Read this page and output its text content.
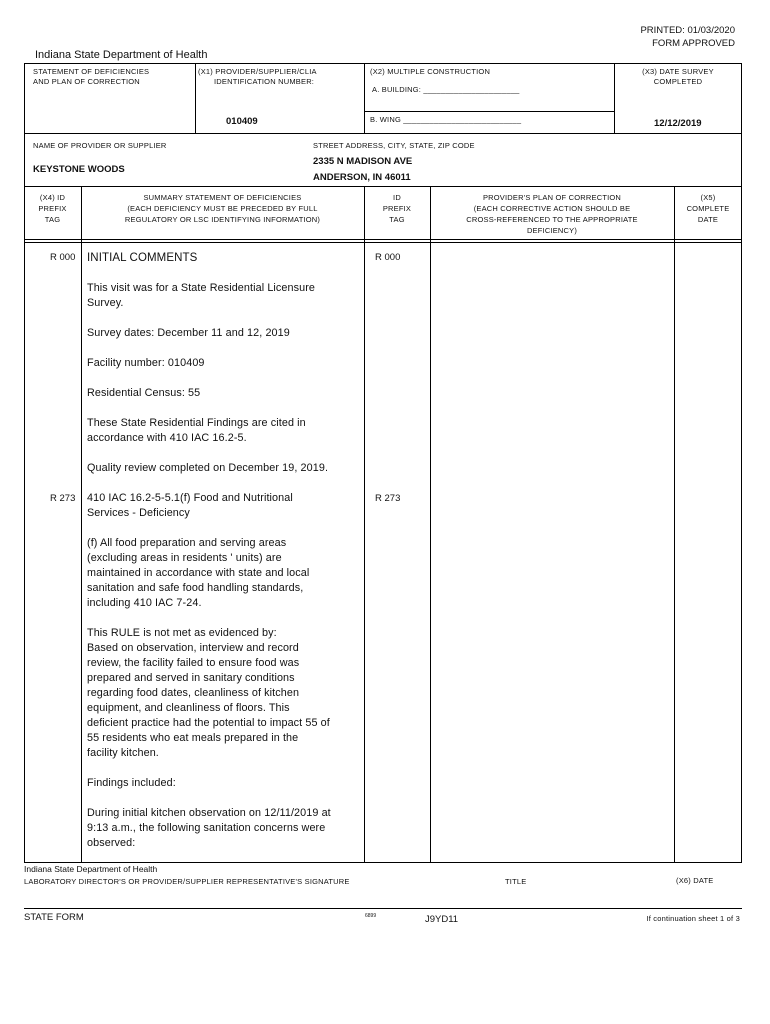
PRINTED: 01/03/2020
FORM APPROVED
Indiana State Department of Health
STATEMENT OF DEFICIENCIES
AND PLAN OF CORRECTION
(X1) PROVIDER/SUPPLIER/CLIA
IDENTIFICATION NUMBER:
010409
(X2) MULTIPLE CONSTRUCTION
A. BUILDING: ______________________
B. WING ___________________________
(X3) DATE SURVEY
COMPLETED
12/12/2019
NAME OF PROVIDER OR SUPPLIER
KEYSTONE WOODS
STREET ADDRESS, CITY, STATE, ZIP CODE
2335 N MADISON AVE
ANDERSON, IN 46011
(X4) ID
PREFIX
TAG
SUMMARY STATEMENT OF DEFICIENCIES
(EACH DEFICIENCY MUST BE PRECEDED BY FULL
REGULATORY OR LSC IDENTIFYING INFORMATION)
ID
PREFIX
TAG
PROVIDER'S PLAN OF CORRECTION
(EACH CORRECTIVE ACTION SHOULD BE
CROSS-REFERENCED TO THE APPROPRIATE
DEFICIENCY)
(X5)
COMPLETE
DATE
R 000	R 000
INITIAL COMMENTS
This visit was for a State Residential Licensure
Survey.
Survey dates: December 11 and 12, 2019
Facility number: 010409
Residential Census: 55
These State Residential Findings are cited in
accordance with 410 IAC 16.2-5.
Quality review completed on December 19, 2019.
R 273	R 273
410 IAC 16.2-5-5.1(f) Food and Nutritional
Services - Deficiency
(f) All food preparation and serving areas
(excluding areas in residents ' units) are
maintained in accordance with state and local
sanitation and safe food handling standards,
including 410 IAC 7-24.
This RULE is not met as evidenced by:
Based on observation, interview and record
review, the facility failed to ensure food was
prepared and served in sanitary conditions
regarding food dates, cleanliness of kitchen
equipment, and cleanliness of floors. This
deficient practice had the potential to impact 55 of
55 residents who eat meals prepared in the
facility kitchen.
Findings included:
During initial kitchen observation on 12/11/2019 at
9:13 a.m., the following sanitation concerns were
observed:
Indiana State Department of Health
LABORATORY DIRECTOR'S OR PROVIDER/SUPPLIER REPRESENTATIVE'S SIGNATURE	TITLE	(X6) DATE
STATE FORM	6899	J9YD11	If continuation sheet 1 of 3
